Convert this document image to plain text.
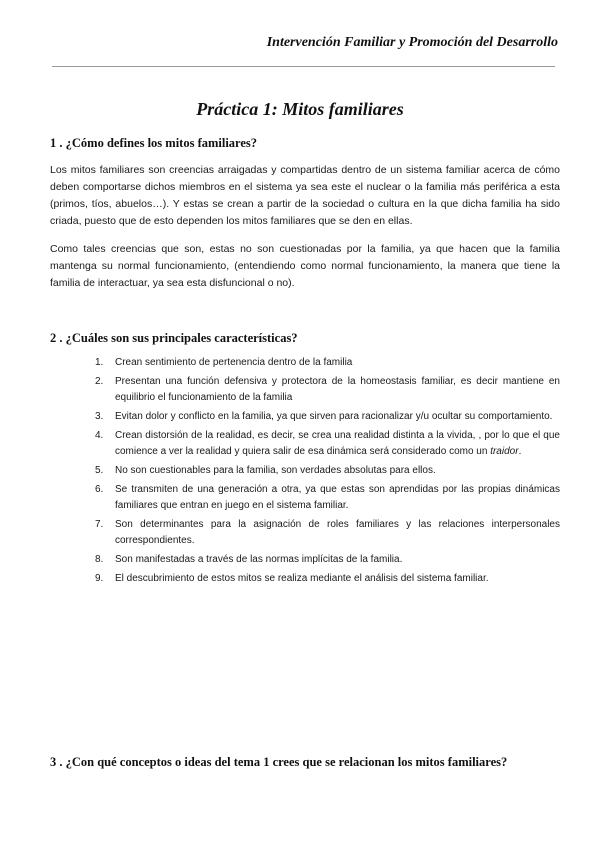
Intervención Familiar y Promoción del Desarrollo
Práctica 1: Mitos familiares
1 . ¿Cómo defines los mitos familiares?

Los mitos familiares son creencias arraigadas y compartidas dentro de un sistema familiar acerca de cómo deben comportarse dichos miembros en el sistema ya sea este el nuclear o la familia más periférica a esta (primos, tíos, abuelos…). Y estas se crean a partir de la sociedad o cultura en la que dicha familia ha sido criada, puesto que de esto dependen los mitos familiares que se den en ellas.

Como tales creencias que son, estas no son cuestionadas por la familia, ya que hacen que la familia mantenga su normal funcionamiento, (entendiendo como normal funcionamiento, la manera que tiene la familia de interactuar, ya sea esta disfuncional o no).

2 . ¿Cuáles son sus principales características?
1. Crean sentimiento de pertenencia dentro de la familia
2. Presentan una función defensiva y protectora de la homeostasis familiar, es decir mantiene en equilibrio el funcionamiento de la familia
3. Evitan dolor y conflicto en la familia, ya que sirven para racionalizar y/u ocultar su comportamiento.
4. Crean distorsión de la realidad, es decir, se crea una realidad distinta a la vivida, , por lo que el que comience a ver la realidad y quiera salir de esa dinámica será considerado como un traidor.
5. No son cuestionables para la familia, son verdades absolutas para ellos.
6. Se transmiten de una generación a otra, ya que estas son aprendidas por las propias dinámicas familiares que entran en juego en el sistema familiar.
7. Son determinantes para la asignación de roles familiares y las relaciones interpersonales correspondientes.
8. Son manifestadas a través de las normas implícitas de la familia.
9. El descubrimiento de estos mitos se realiza mediante el análisis del sistema familiar.
3 . ¿Con qué conceptos o ideas del tema 1 crees que se relacionan los mitos familiares?
